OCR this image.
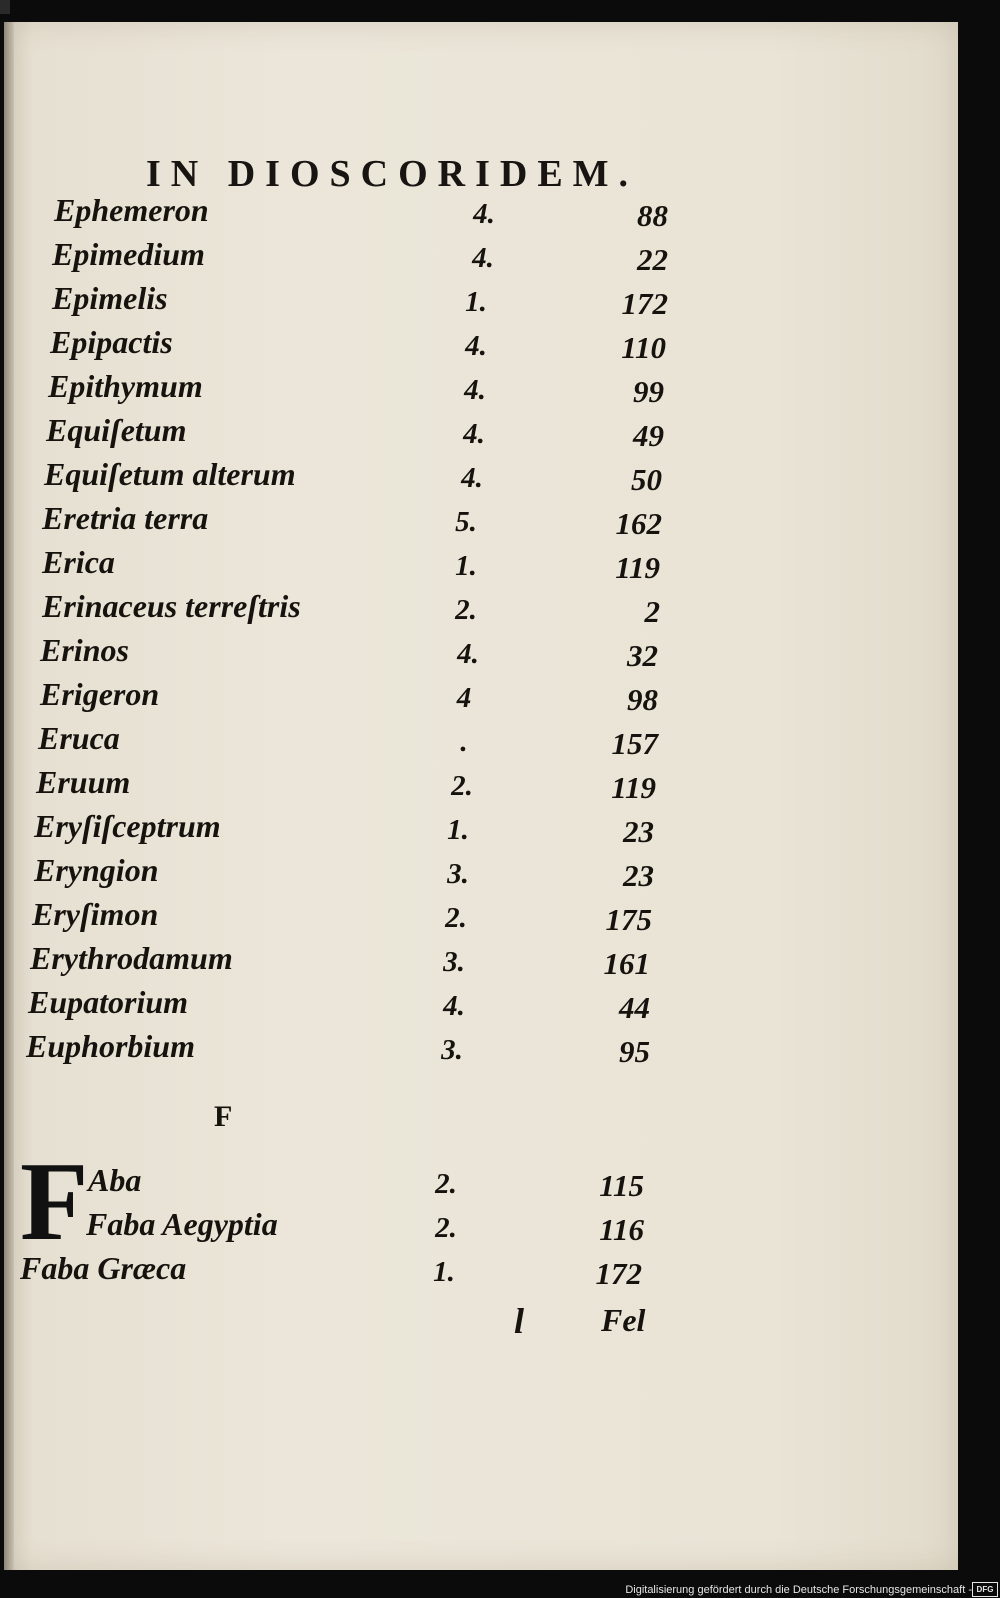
IN DIOSCORIDEM.
Ephemeron	4.	88
Epimedium	4.	22
Epimelis	1.	172
Epipactis	4.	110
Epithymum	4.	99
Equiſetum	4.	49
Equiſetum alterum	4.	50
Eretria terra	5.	162
Erica	1.	119
Erinaceus terreſtris	2.	2
Erinos	4.	32
Erigeron	4	98
Eruca	.	157
Eruum	2.	119
Eryſiſceptrum	1.	23
Eryngion	3.	23
Eryſimon	2.	175
Erythrodamum	3.	161
Eupatorium	4.	44
Euphorbium	3.	95
F
F Aba	2.	115
Faba Aegyptia	2.	116
Faba Græca	1.	172
l Fel
Digitalisierung gefördert durch die Deutsche Forschungsgemeinschaft - DFG
